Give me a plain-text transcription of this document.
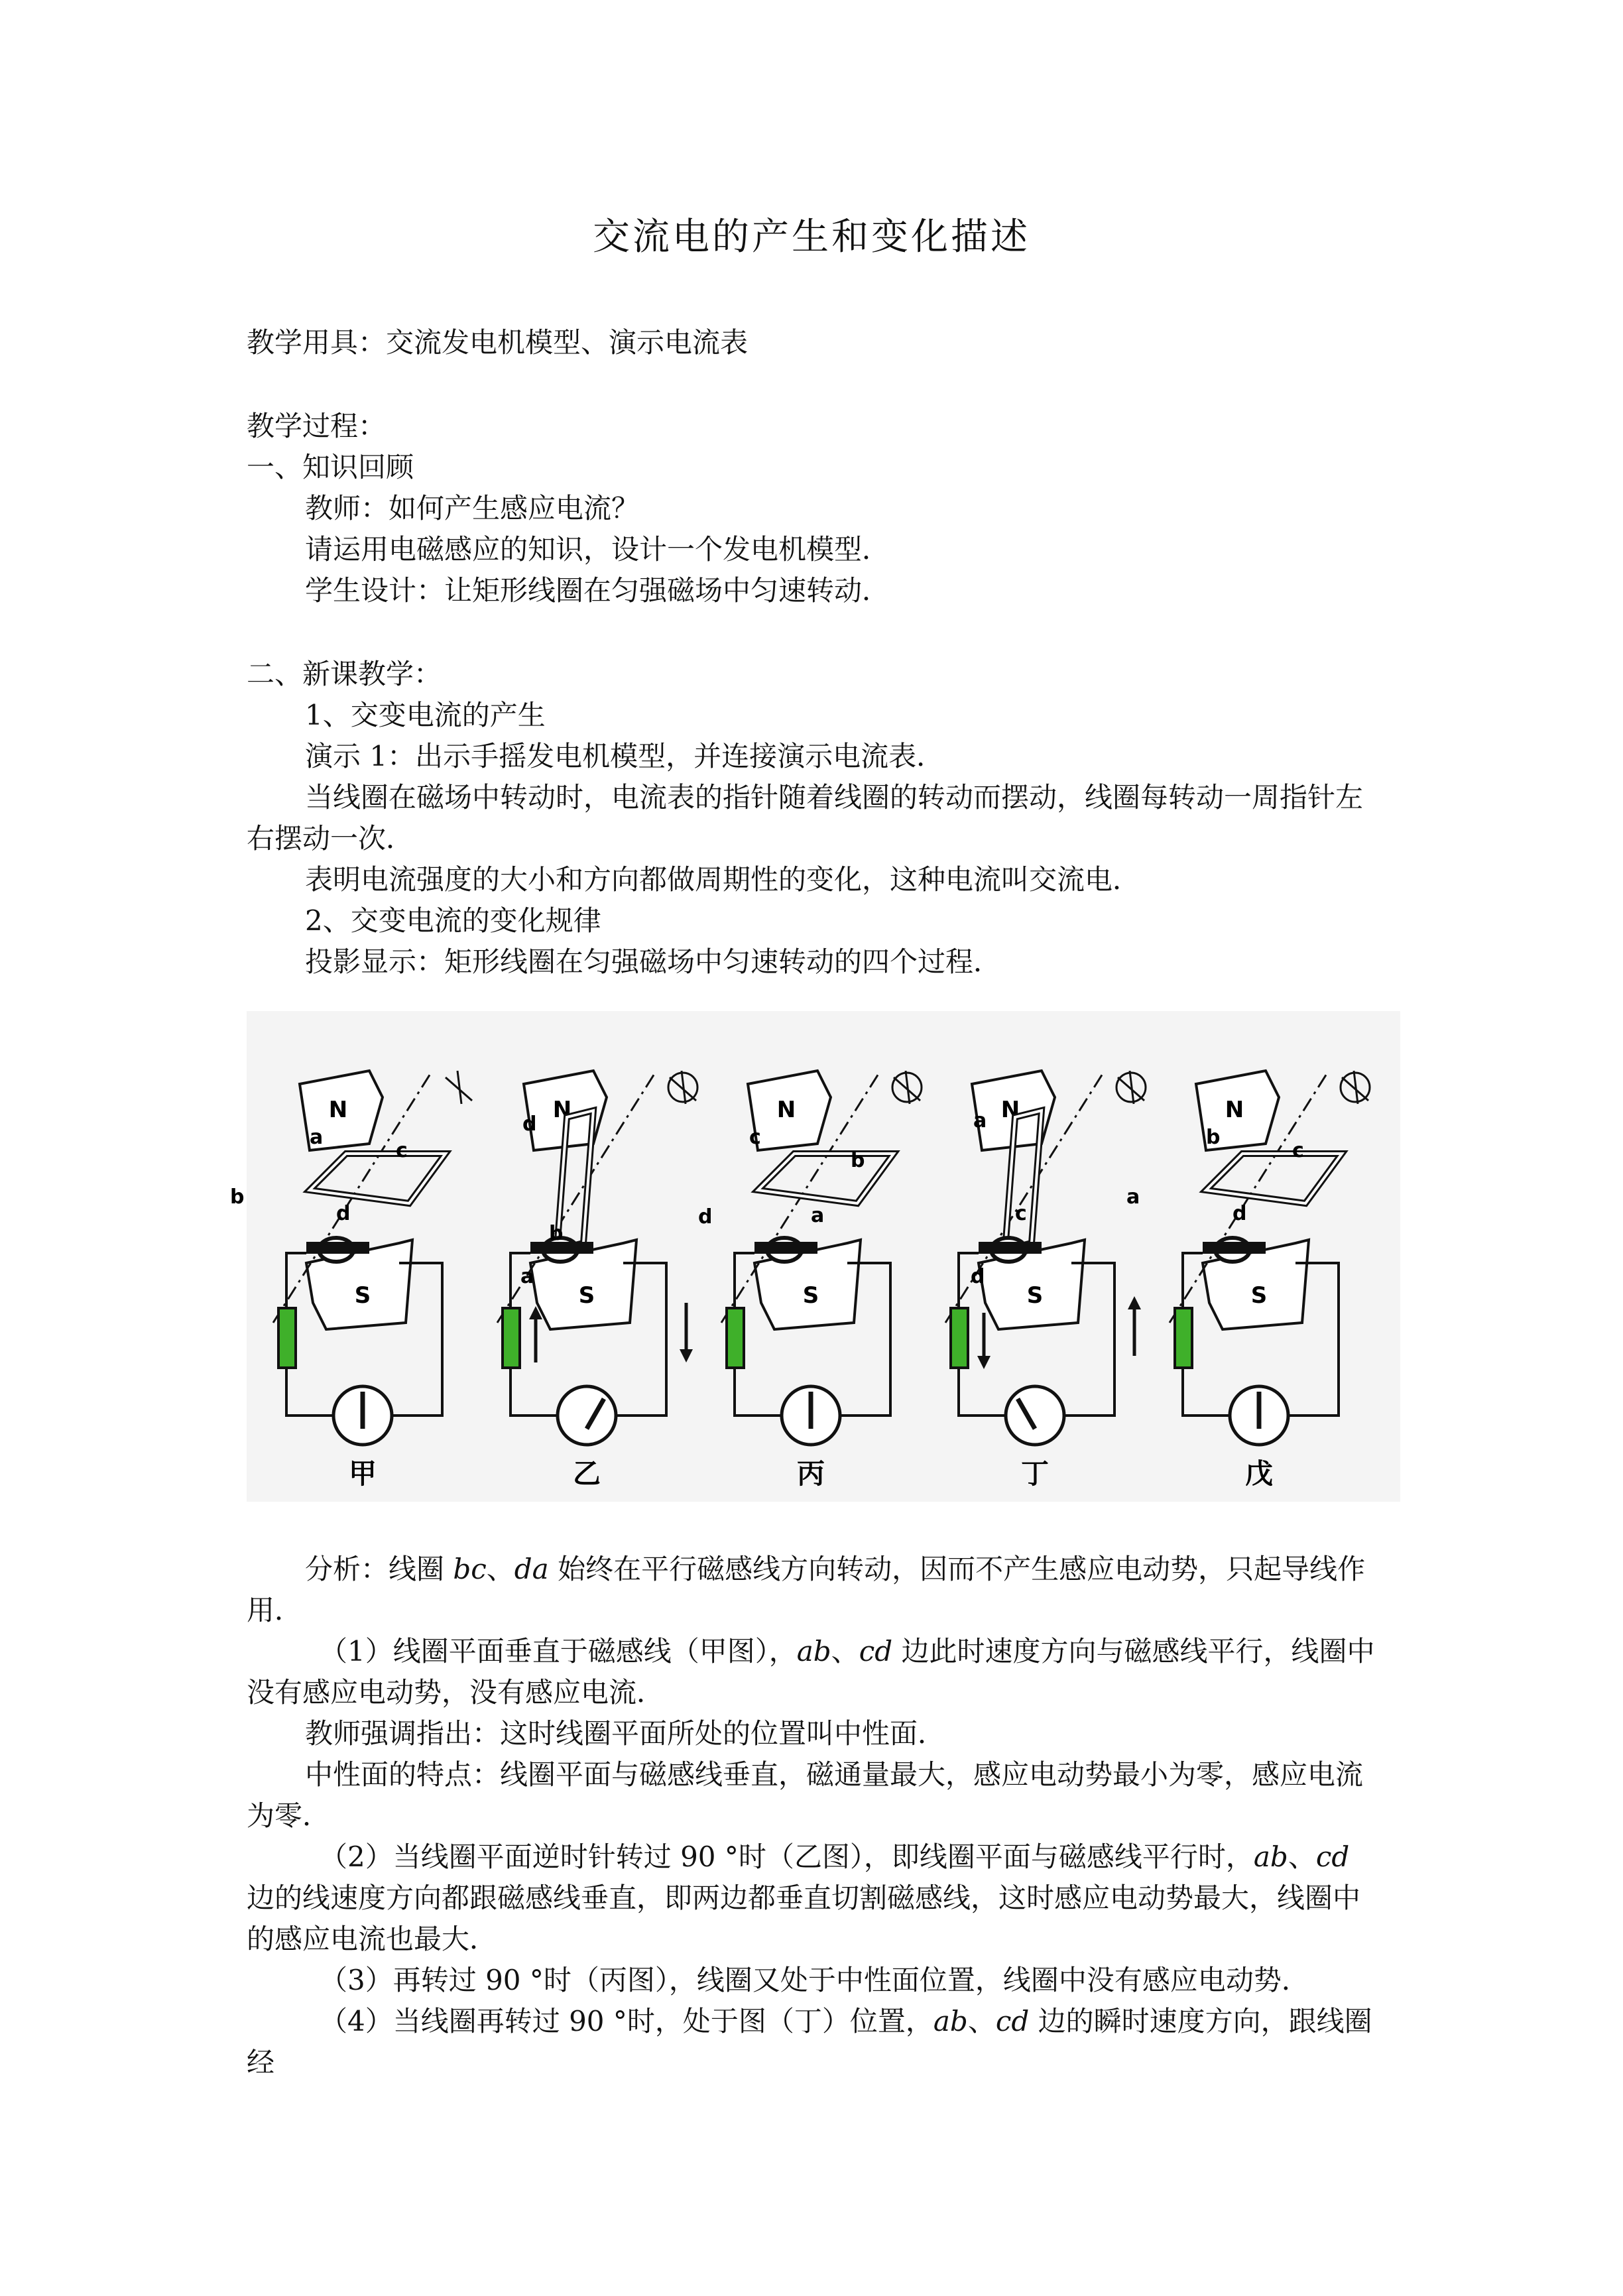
交流电的产生和变化描述

教学用具：交流发电机模型、演示电流表

教学过程：

一、知识回顾

教师：如何产生感应电流？

请运用电磁感应的知识，设计一个发电机模型．

学生设计：让矩形线圈在匀强磁场中匀速转动．

二、新课教学：

1、交变电流的产生

演示 1：出示手摇发电机模型，并连接演示电流表．

当线圈在磁场中转动时，电流表的指针随着线圈的转动而摆动，线圈每转动一周指针左右摆动一次．

表明电流强度的大小和方向都做周期性的变化，这种电流叫交流电．

2、交变电流的变化规律

投影显示：矩形线圈在匀强磁场中匀速转动的四个过程．

N
S
a
b
c
d
甲
N
S
d
b
a
乙
N
S
c
b
d	a
丙
N
S
a
c
d
丁
N
S
b
c
a
d
戊

分析：线圈 bc、da 始终在平行磁感线方向转动，因而不产生感应电动势，只起导线作用．

（1）线圈平面垂直于磁感线（甲图），ab、cd 边此时速度方向与磁感线平行，线圈中没有感应电动势，没有感应电流．

教师强调指出：这时线圈平面所处的位置叫中性面．

中性面的特点：线圈平面与磁感线垂直，磁通量最大，感应电动势最小为零，感应电流为零．

（2）当线圈平面逆时针转过 90 °时（乙图），即线圈平面与磁感线平行时，ab、cd 边的线速度方向都跟磁感线垂直，即两边都垂直切割磁感线，这时感应电动势最大，线圈中的感应电流也最大．

（3）再转过 90 °时（丙图），线圈又处于中性面位置，线圈中没有感应电动势．

（4）当线圈再转过 90 °时，处于图（丁）位置，ab、cd 边的瞬时速度方向，跟线圈经
